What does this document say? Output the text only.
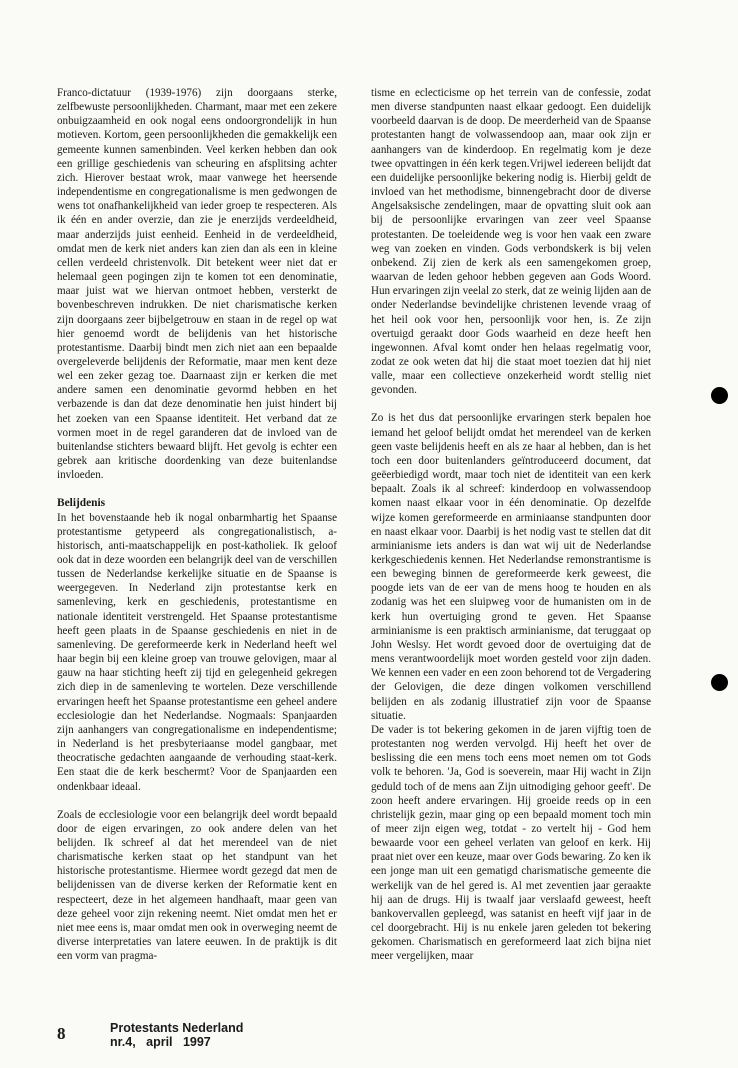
Franco-dictatuur (1939-1976) zijn doorgaans sterke, zelfbewuste persoonlijkheden. Charmant, maar met een zekere onbuigzaamheid en ook nogal eens ondoorgrondelijk in hun motieven. Kortom, geen persoonlijkheden die gemakkelijk een gemeente kunnen samenbinden. Veel kerken hebben dan ook een grillige geschiedenis van scheuring en afsplitsing achter zich. Hierover bestaat wrok, maar vanwege het heersende independentisme en congregationalisme is men gedwongen de wens tot onafhankelijkheid van ieder groep te respecteren. Als ik één en ander overzie, dan zie je enerzijds verdeeldheid, maar anderzijds juist eenheid. Eenheid in de verdeeldheid, omdat men de kerk niet anders kan zien dan als een in kleine cellen verdeeld christenvolk. Dit betekent weer niet dat er helemaal geen pogingen zijn te komen tot een denominatie, maar juist wat we hiervan ontmoet hebben, versterkt de bovenbeschreven indrukken. De niet charismatische kerken zijn doorgaans zeer bijbelgetrouw en staan in de regel op wat hier genoemd wordt de belijdenis van het historische protestantisme. Daarbij bindt men zich niet aan een bepaalde overgeleverde belijdenis der Reformatie, maar men kent deze wel een zeker gezag toe. Daarnaast zijn er kerken die met andere samen een denominatie gevormd hebben en het verbazende is dan dat deze denominatie hen juist hindert bij het zoeken van een Spaanse identiteit. Het verband dat ze vormen moet in de regel garanderen dat de invloed van de buitenlandse stichters bewaard blijft. Het gevolg is echter een gebrek aan kritische doordenking van deze buitenlandse invloeden.

Belijdenis

In het bovenstaande heb ik nogal onbarmhartig het Spaanse protestantisme getypeerd als congregationalistisch, a-historisch, anti-maatschappelijk en post-katholiek. Ik geloof ook dat in deze woorden een belangrijk deel van de verschillen tussen de Nederlandse kerkelijke situatie en de Spaanse is weergegeven. In Nederland zijn protestantse kerk en samenleving, kerk en geschiedenis, protestantisme en nationale identiteit verstrengeld. Het Spaanse protestantisme heeft geen plaats in de Spaanse geschiedenis en niet in de samenleving. De gereformeerde kerk in Nederland heeft wel haar begin bij een kleine groep van trouwe gelovigen, maar al gauw na haar stichting heeft zij tijd en gelegenheid gekregen zich diep in de samenleving te wortelen. Deze verschillende ervaringen heeft het Spaanse protestantisme een geheel andere ecclesiologie dan het Nederlandse. Nogmaals: Spanjaarden zijn aanhangers van congregationalisme en independentisme; in Nederland is het presbyteriaanse model gangbaar, met theocratische gedachten aangaande de verhouding staat-kerk. Een staat die de kerk beschermt? Voor de Spanjaarden een ondenkbaar ideaal.

Zoals de ecclesiologie voor een belangrijk deel wordt bepaald door de eigen ervaringen, zo ook andere delen van het belijden. Ik schreef al dat het merendeel van de niet charismatische kerken staat op het standpunt van het historische protestantisme. Hiermee wordt gezegd dat men de belijdenissen van de diverse kerken der Reformatie kent en respecteert, deze in het algemeen handhaaft, maar geen van deze geheel voor zijn rekening neemt. Niet omdat men het er niet mee eens is, maar omdat men ook in overweging neemt de diverse interpretaties van latere eeuwen. In de praktijk is dit een vorm van pragma-

tisme en eclecticisme op het terrein van de confessie, zodat men diverse standpunten naast elkaar gedoogt. Een duidelijk voorbeeld daarvan is de doop. De meerderheid van de Spaanse protestanten hangt de volwassendoop aan, maar ook zijn er aanhangers van de kinderdoop. En regelmatig kom je deze twee opvattingen in één kerk tegen.Vrijwel iedereen belijdt dat een duidelijke persoonlijke bekering nodig is. Hierbij geldt de invloed van het methodisme, binnengebracht door de diverse Angelsaksische zendelingen, maar de opvatting sluit ook aan bij de persoonlijke ervaringen van zeer veel Spaanse protestanten. De toeleidende weg is voor hen vaak een zware weg van zoeken en vinden. Gods verbondskerk is bij velen onbekend. Zij zien de kerk als een samengekomen groep, waarvan de leden gehoor hebben gegeven aan Gods Woord. Hun ervaringen zijn veelal zo sterk, dat ze weinig lijden aan de onder Nederlandse bevindelijke christenen levende vraag of het heil ook voor hen, persoonlijk voor hen, is. Ze zijn overtuigd geraakt door Gods waarheid en deze heeft hen ingewonnen. Afval komt onder hen helaas regelmatig voor, zodat ze ook weten dat hij die staat moet toezien dat hij niet valle, maar een collectieve onzekerheid wordt stellig niet gevonden.

Zo is het dus dat persoonlijke ervaringen sterk bepalen hoe iemand het geloof belijdt omdat het merendeel van de kerken geen vaste belijdenis heeft en als ze haar al hebben, dan is het toch een door buitenlanders geïntroduceerd document, dat geëerbiedigd wordt, maar toch niet de identiteit van een kerk bepaalt. Zoals ik al schreef: kinderdoop en volwassendoop komen naast elkaar voor in één denominatie. Op dezelfde wijze komen gereformeerde en arminiaanse standpunten door en naast elkaar voor. Daarbij is het nodig vast te stellen dat dit arminianisme iets anders is dan wat wij uit de Nederlandse kerkgeschiedenis kennen. Het Nederlandse remonstrantisme is een beweging binnen de gereformeerde kerk geweest, die poogde iets van de eer van de mens hoog te houden en als zodanig was het een sluipweg voor de humanisten om in de kerk hun overtuiging grond te geven. Het Spaanse arminianisme is een praktisch arminianisme, dat teruggaat op John Weslsy. Het wordt gevoed door de overtuiging dat de mens verantwoordelijk moet worden gesteld voor zijn daden. We kennen een vader en een zoon behorend tot de Vergadering der Gelovigen, die deze dingen volkomen verschillend belijden en als zodanig illustratief zijn voor de Spaanse situatie.

De vader is tot bekering gekomen in de jaren vijftig toen de protestanten nog werden vervolgd. Hij heeft het over de beslissing die een mens toch eens moet nemen om tot Gods volk te behoren. 'Ja, God is soeverein, maar Hij wacht in Zijn geduld toch of de mens aan Zijn uitnodiging gehoor geeft'. De zoon heeft andere ervaringen. Hij groeide reeds op in een christelijk gezin, maar ging op een bepaald moment toch min of meer zijn eigen weg, totdat - zo vertelt hij - God hem bewaarde voor een geheel verlaten van geloof en kerk. Hij praat niet over een keuze, maar over Gods bewaring. Zo ken ik een jonge man uit een gematigd charismatische gemeente die werkelijk van de hel gered is. Al met zeventien jaar geraakte hij aan de drugs. Hij is twaalf jaar verslaafd geweest, heeft bankovervallen gepleegd, was satanist en heeft vijf jaar in de cel doorgebracht. Hij is nu enkele jaren geleden tot bekering gekomen. Charismatisch en gereformeerd laat zich bijna niet meer vergelijken, maar

8	Protestants Nederland
nr.4,   april   1997
